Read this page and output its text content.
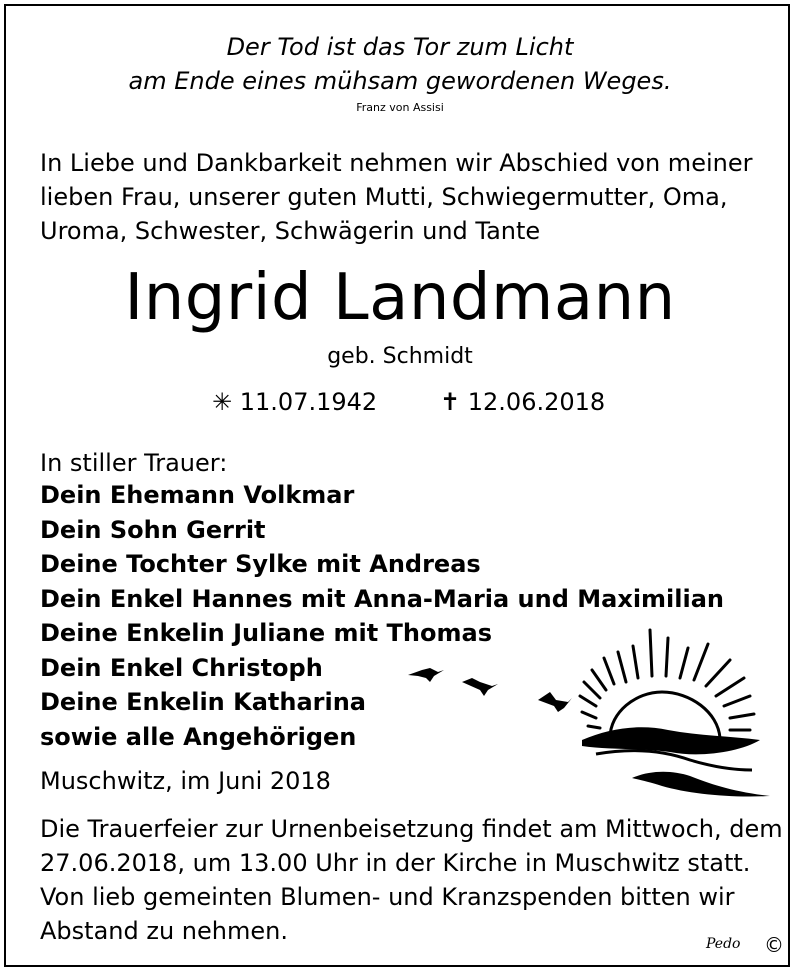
Der Tod ist das Tor zum Licht
am Ende eines mühsam gewordenen Weges.
Franz von Assisi
In Liebe und Dankbarkeit nehmen wir Abschied von meiner
lieben Frau, unserer guten Mutti, Schwiegermutter, Oma,
Uroma, Schwester, Schwägerin und Tante
Ingrid Landmann
geb. Schmidt
✳ 11.07.1942	✝ 12.06.2018
In stiller Trauer:
Dein Ehemann Volkmar
Dein Sohn Gerrit
Deine Tochter Sylke mit Andreas
Dein Enkel Hannes mit Anna-Maria und Maximilian
Deine Enkelin Juliane mit Thomas
Dein Enkel Christoph
Deine Enkelin Katharina
sowie alle Angehörigen
Muschwitz, im Juni 2018
Die Trauerfeier zur Urnenbeisetzung findet am Mittwoch, dem
27.06.2018, um 13.00 Uhr in der Kirche in Muschwitz statt.
Von lieb gemeinten Blumen- und Kranzspenden bitten wir
Abstand zu nehmen.	Pedo ©
